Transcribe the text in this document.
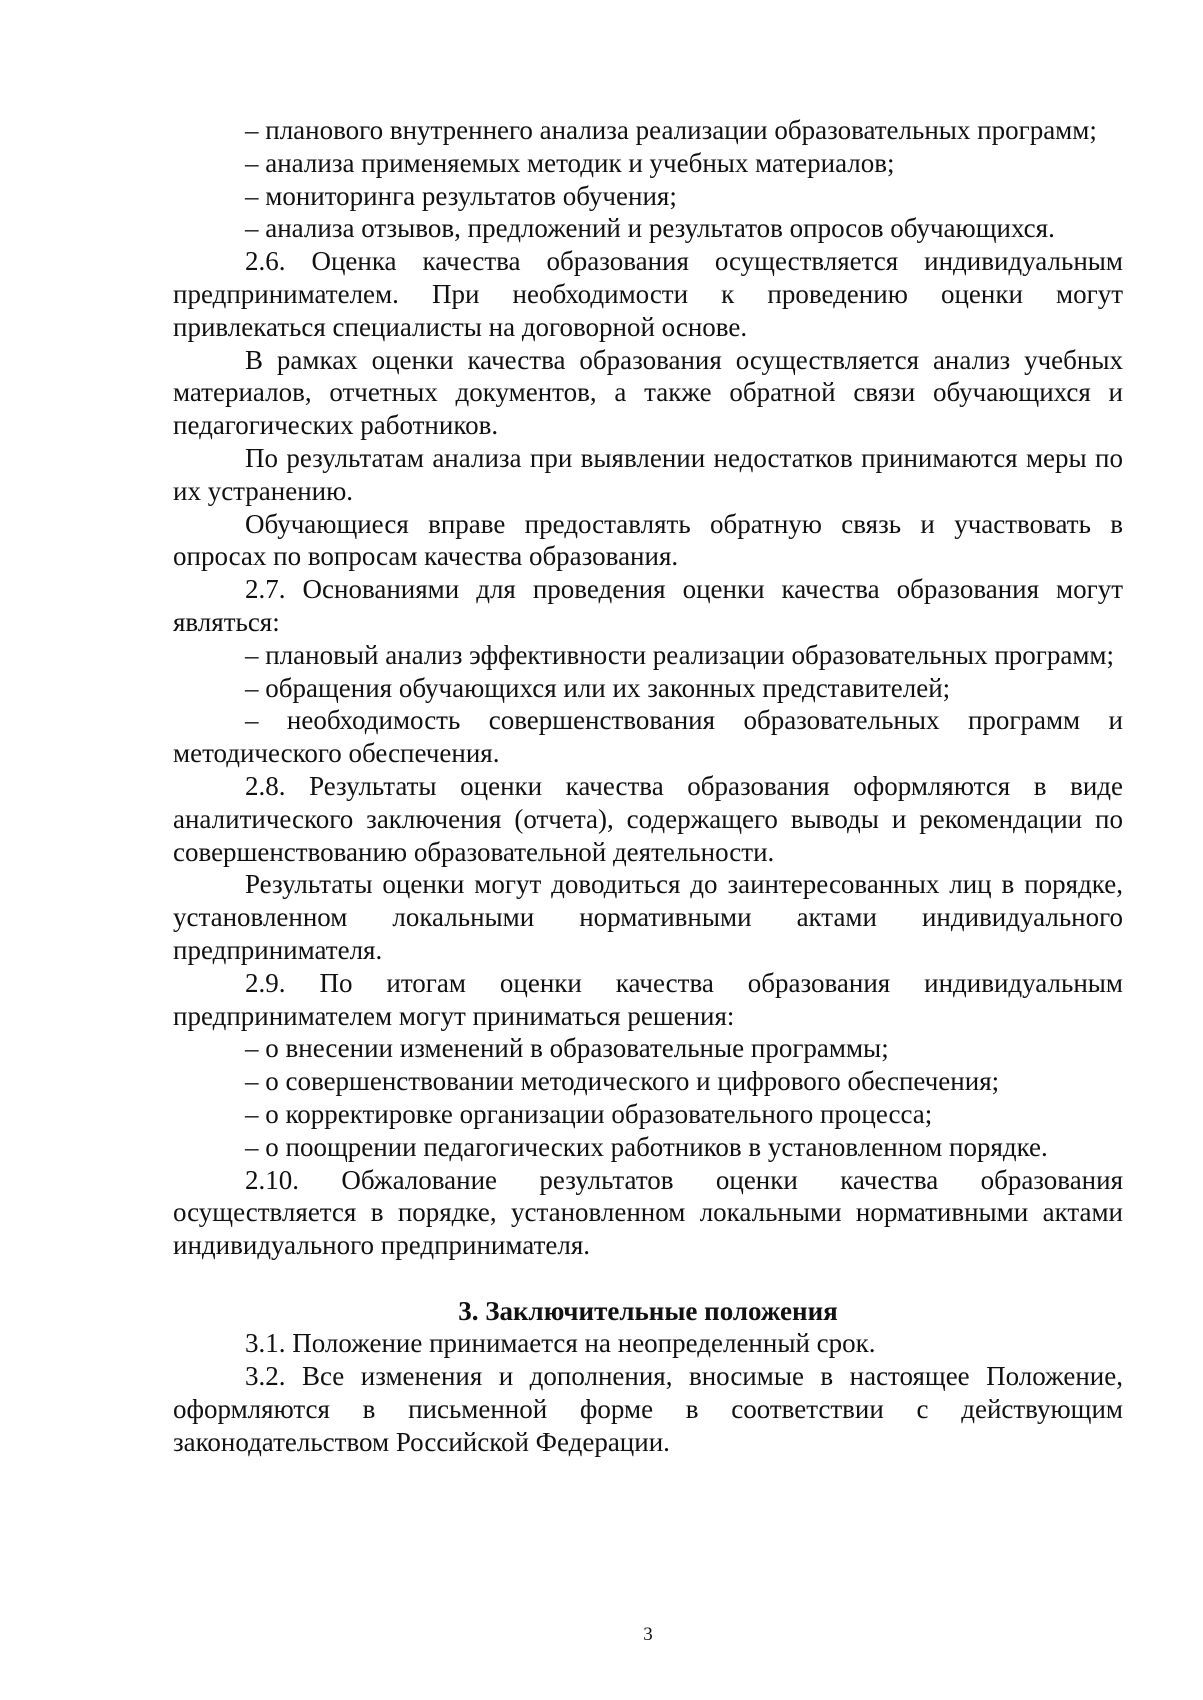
– планового внутреннего анализа реализации образовательных программ;

– анализа применяемых методик и учебных материалов;

– мониторинга результатов обучения;

– анализа отзывов, предложений и результатов опросов обучающихся.

2.6. Оценка качества образования осуществляется индивидуальным предпринимателем. При необходимости к проведению оценки могут привлекаться специалисты на договорной основе.

В рамках оценки качества образования осуществляется анализ учебных материалов, отчетных документов, а также обратной связи обучающихся и педагогических работников.

По результатам анализа при выявлении недостатков принимаются меры по их устранению.

Обучающиеся вправе предоставлять обратную связь и участвовать в опросах по вопросам качества образования.

2.7. Основаниями для проведения оценки качества образования могут являться:

– плановый анализ эффективности реализации образовательных программ;

– обращения обучающихся или их законных представителей;

– необходимость совершенствования образовательных программ и методического обеспечения.

2.8. Результаты оценки качества образования оформляются в виде аналитического заключения (отчета), содержащего выводы и рекомендации по совершенствованию образовательной деятельности.

Результаты оценки могут доводиться до заинтересованных лиц в порядке, установленном локальными нормативными актами индивидуального предпринимателя.

2.9. По итогам оценки качества образования индивидуальным предпринимателем могут приниматься решения:

– о внесении изменений в образовательные программы;

– о совершенствовании методического и цифрового обеспечения;

– о корректировке организации образовательного процесса;

– о поощрении педагогических работников в установленном порядке.

2.10. Обжалование результатов оценки качества образования осуществляется в порядке, установленном локальными нормативными актами индивидуального предпринимателя.

3. Заключительные положения

3.1. Положение принимается на неопределенный срок.

3.2. Все изменения и дополнения, вносимые в настоящее Положение, оформляются в письменной форме в соответствии с действующим законодательством Российской Федерации.

3
